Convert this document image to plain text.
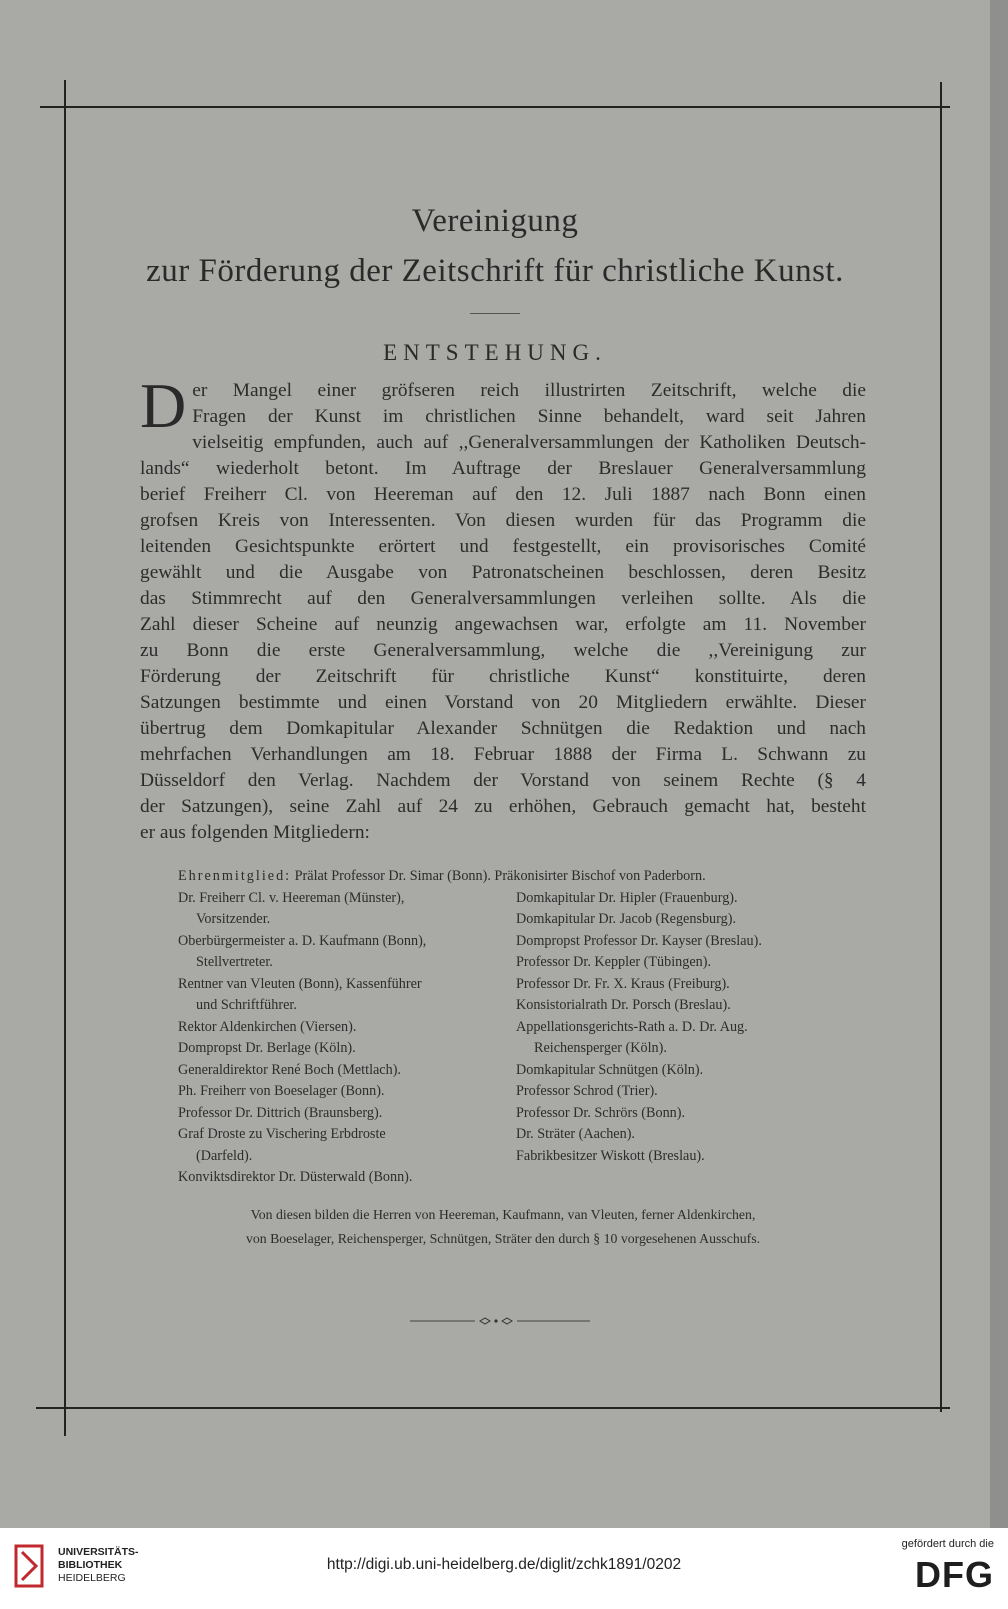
Vereinigung
zur Förderung der Zeitschrift für christliche Kunst.
ENTSTEHUNG.
D er Mangel einer gröfseren reich illustrirten Zeitschrift, welche die
Fragen der Kunst im christlichen Sinne behandelt, ward seit Jahren
vielseitig empfunden, auch auf ,,Generalversammlungen der Katholiken Deutsch-
lands“ wiederholt betont. Im Auftrage der Breslauer Generalversammlung
berief Freiherr Cl. von Heereman auf den 12. Juli 1887 nach Bonn einen
grofsen Kreis von Interessenten. Von diesen wurden für das Programm die
leitenden Gesichtspunkte erörtert und festgestellt, ein provisorisches Comité
gewählt und die Ausgabe von Patronatscheinen beschlossen, deren Besitz
das Stimmrecht auf den Generalversammlungen verleihen sollte. Als die
Zahl dieser Scheine auf neunzig angewachsen war, erfolgte am 11. November
zu Bonn die erste Generalversammlung, welche die ,,Vereinigung zur
Förderung der Zeitschrift für christliche Kunst“ konstituirte, deren
Satzungen bestimmte und einen Vorstand von 20 Mitgliedern erwählte. Dieser
übertrug dem Domkapitular Alexander Schnütgen die Redaktion und nach
mehrfachen Verhandlungen am 18. Februar 1888 der Firma L. Schwann zu
Düsseldorf den Verlag. Nachdem der Vorstand von seinem Rechte (§ 4
der Satzungen), seine Zahl auf 24 zu erhöhen, Gebrauch gemacht hat, besteht
er aus folgenden Mitgliedern:
Ehrenmitglied: Prälat Professor Dr. Simar (Bonn). Präkonisirter Bischof von Paderborn.
Dr. Freiherr Cl. v. Heereman (Münster),
Vorsitzender.
Oberbürgermeister a. D. Kaufmann (Bonn),
Stellvertreter.
Rentner van Vleuten (Bonn), Kassenführer
und Schriftführer.
Rektor Aldenkirchen (Viersen).
Dompropst Dr. Berlage (Köln).
Generaldirektor René Boch (Mettlach).
Ph. Freiherr von Boeselager (Bonn).
Professor Dr. Dittrich (Braunsberg).
Graf Droste zu Vischering Erbdroste
(Darfeld).
Konviktsdirektor Dr. Düsterwald (Bonn).
Domkapitular Dr. Hipler (Frauenburg).
Domkapitular Dr. Jacob (Regensburg).
Dompropst Professor Dr. Kayser (Breslau).
Professor Dr. Keppler (Tübingen).
Professor Dr. Fr. X. Kraus (Freiburg).
Konsistorialrath Dr. Porsch (Breslau).
Appellationsgerichts-Rath a. D. Dr. Aug.
Reichensperger (Köln).
Domkapitular Schnütgen (Köln).
Professor Schrod (Trier).
Professor Dr. Schrörs (Bonn).
Dr. Sträter (Aachen).
Fabrikbesitzer Wiskott (Breslau).
Von diesen bilden die Herren von Heereman, Kaufmann, van Vleuten, ferner Aldenkirchen,
von Boeselager, Reichensperger, Schnütgen, Sträter den durch § 10 vorgesehenen Ausschufs.
UNIVERSITÄTS-
BIBLIOTHEK
HEIDELBERG
http://digi.ub.uni-heidelberg.de/diglit/zchk1891/0202
gefördert durch die
DFG
